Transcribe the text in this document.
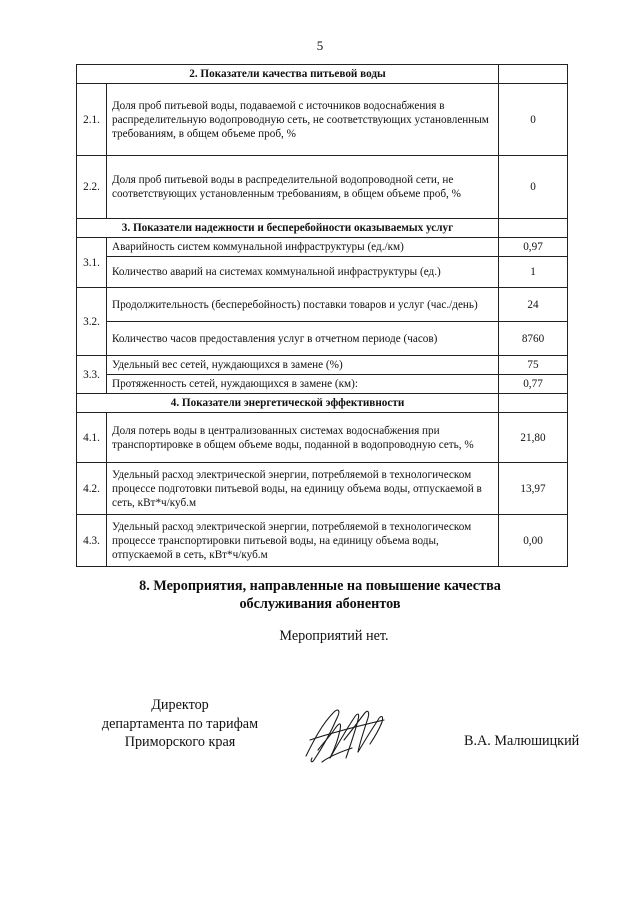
5
2. Показатели качества питьевой воды		
2.1.	Доля проб питьевой воды, подаваемой с источников водоснабжения в распределительную водопроводную сеть, не соответствующих установленным требованиям, в общем объеме проб, %	0
2.2.	Доля проб питьевой воды в распределительной водопроводной сети, не соответствующих установленным требованиям, в общем объеме проб, %	0
3. Показатели надежности и бесперебойности оказываемых услуг		
3.1.	Аварийность систем коммунальной инфраструктуры (ед./км)	0,97
	Количество аварий на системах коммунальной инфраструктуры (ед.)	1
3.2.	Продолжительность (бесперебойность) поставки товаров и услуг (час./день)	24
	Количество часов предоставления услуг в отчетном периоде (часов)	8760
3.3.	Удельный вес сетей, нуждающихся в замене (%)	75
	Протяженность сетей, нуждающихся в замене (км):	0,77
4. Показатели энергетической эффективности		
4.1.	Доля потерь воды в централизованных системах водоснабжения при транспортировке в общем объеме воды, поданной в водопроводную сеть, %	21,80
4.2.	Удельный расход электрической энергии, потребляемой в технологическом процессе подготовки питьевой воды, на единицу объема воды, отпускаемой в сеть, кВт*ч/куб.м	13,97
4.3.	Удельный расход электрической энергии, потребляемой в технологическом процессе транспортировки питьевой воды, на единицу объема воды, отпускаемой в сеть, кВт*ч/куб.м	0,00
8. Мероприятия, направленные на повышение качества
обслуживания абонентов
Мероприятий нет.
Директор
департамента по тарифам
Приморского края	В.А. Малюшицкий
